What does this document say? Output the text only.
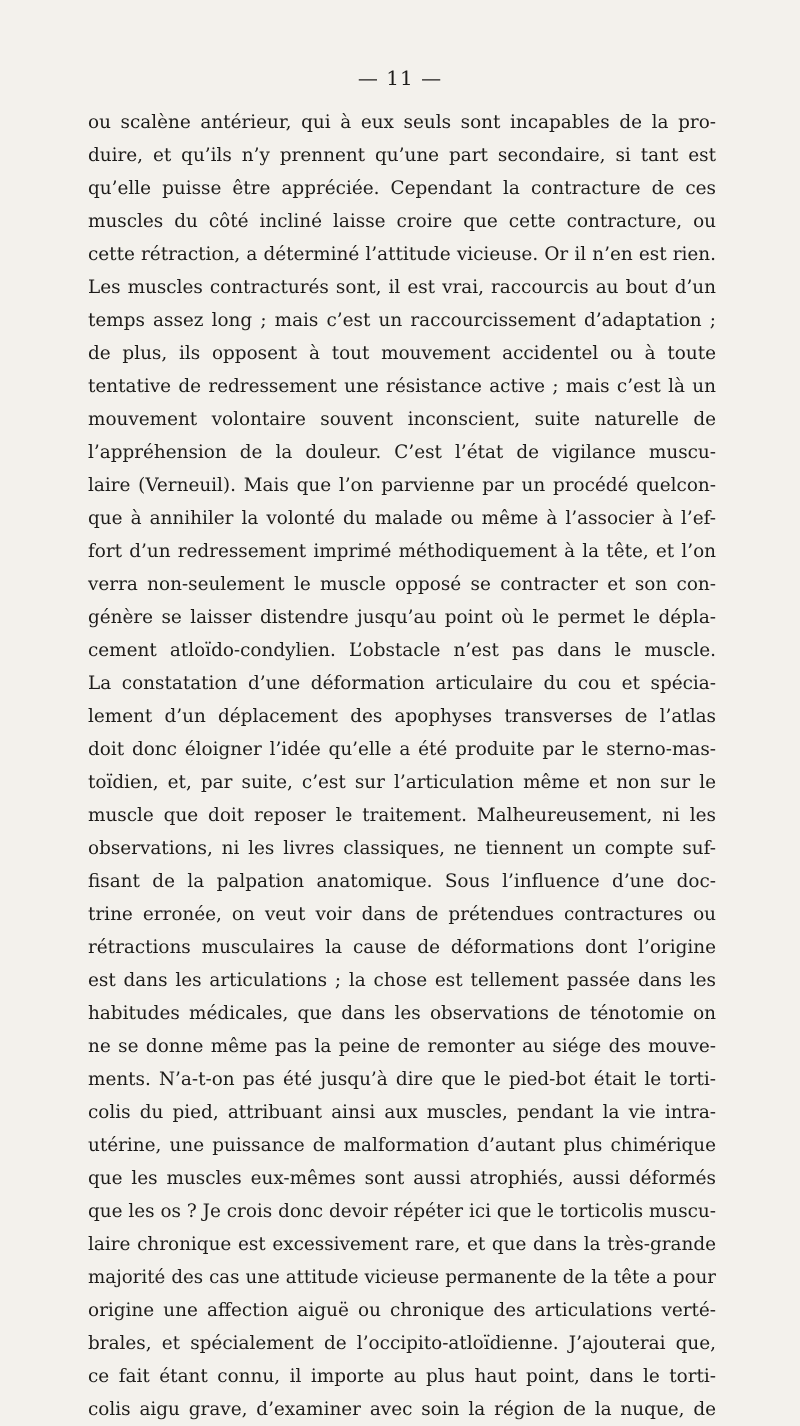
— 11 —
ou scalène antérieur, qui à eux seuls sont incapables de la pro-
duire, et qu’ils n’y prennent qu’une part secondaire, si tant est
qu’elle puisse être appréciée. Cependant la contracture de ces
muscles du côté incliné laisse croire que cette contracture, ou
cette rétraction, a déterminé l’attitude vicieuse. Or il n’en est rien.
Les muscles contracturés sont, il est vrai, raccourcis au bout d’un
temps assez long ; mais c’est un raccourcissement d’adaptation ;
de plus, ils opposent à tout mouvement accidentel ou à toute
tentative de redressement une résistance active ; mais c’est là un
mouvement volontaire souvent inconscient, suite naturelle de
l’appréhension de la douleur. C’est l’état de vigilance muscu-
laire (Verneuil). Mais que l’on parvienne par un procédé quelcon-
que à annihiler la volonté du malade ou même à l’associer à l’ef-
fort d’un redressement imprimé méthodiquement à la tête, et l’on
verra non-seulement le muscle opposé se contracter et son con-
génère se laisser distendre jusqu’au point où le permet le dépla-
cement atloïdo-condylien. L’obstacle n’est pas dans le muscle.
La constatation d’une déformation articulaire du cou et spécia-
lement d’un déplacement des apophyses transverses de l’atlas
doit donc éloigner l’idée qu’elle a été produite par le sterno-mas-
toïdien, et, par suite, c’est sur l’articulation même et non sur le
muscle que doit reposer le traitement. Malheureusement, ni les
observations, ni les livres classiques, ne tiennent un compte suf-
fisant de la palpation anatomique. Sous l’influence d’une doc-
trine erronée, on veut voir dans de prétendues contractures ou
rétractions musculaires la cause de déformations dont l’origine
est dans les articulations ; la chose est tellement passée dans les
habitudes médicales, que dans les observations de ténotomie on
ne se donne même pas la peine de remonter au siége des mouve-
ments. N’a-t-on pas été jusqu’à dire que le pied-bot était le torti-
colis du pied, attribuant ainsi aux muscles, pendant la vie intra-
utérine, une puissance de malformation d’autant plus chimérique
que les muscles eux-mêmes sont aussi atrophiés, aussi déformés
que les os ? Je crois donc devoir répéter ici que le torticolis muscu-
laire chronique est excessivement rare, et que dans la très-grande
majorité des cas une attitude vicieuse permanente de la tête a pour
origine une affection aiguë ou chronique des articulations verté-
brales, et spécialement de l’occipito-atloïdienne. J’ajouterai que,
ce fait étant connu, il importe au plus haut point, dans le torti-
colis aigu grave, d’examiner avec soin la région de la nuque, de
